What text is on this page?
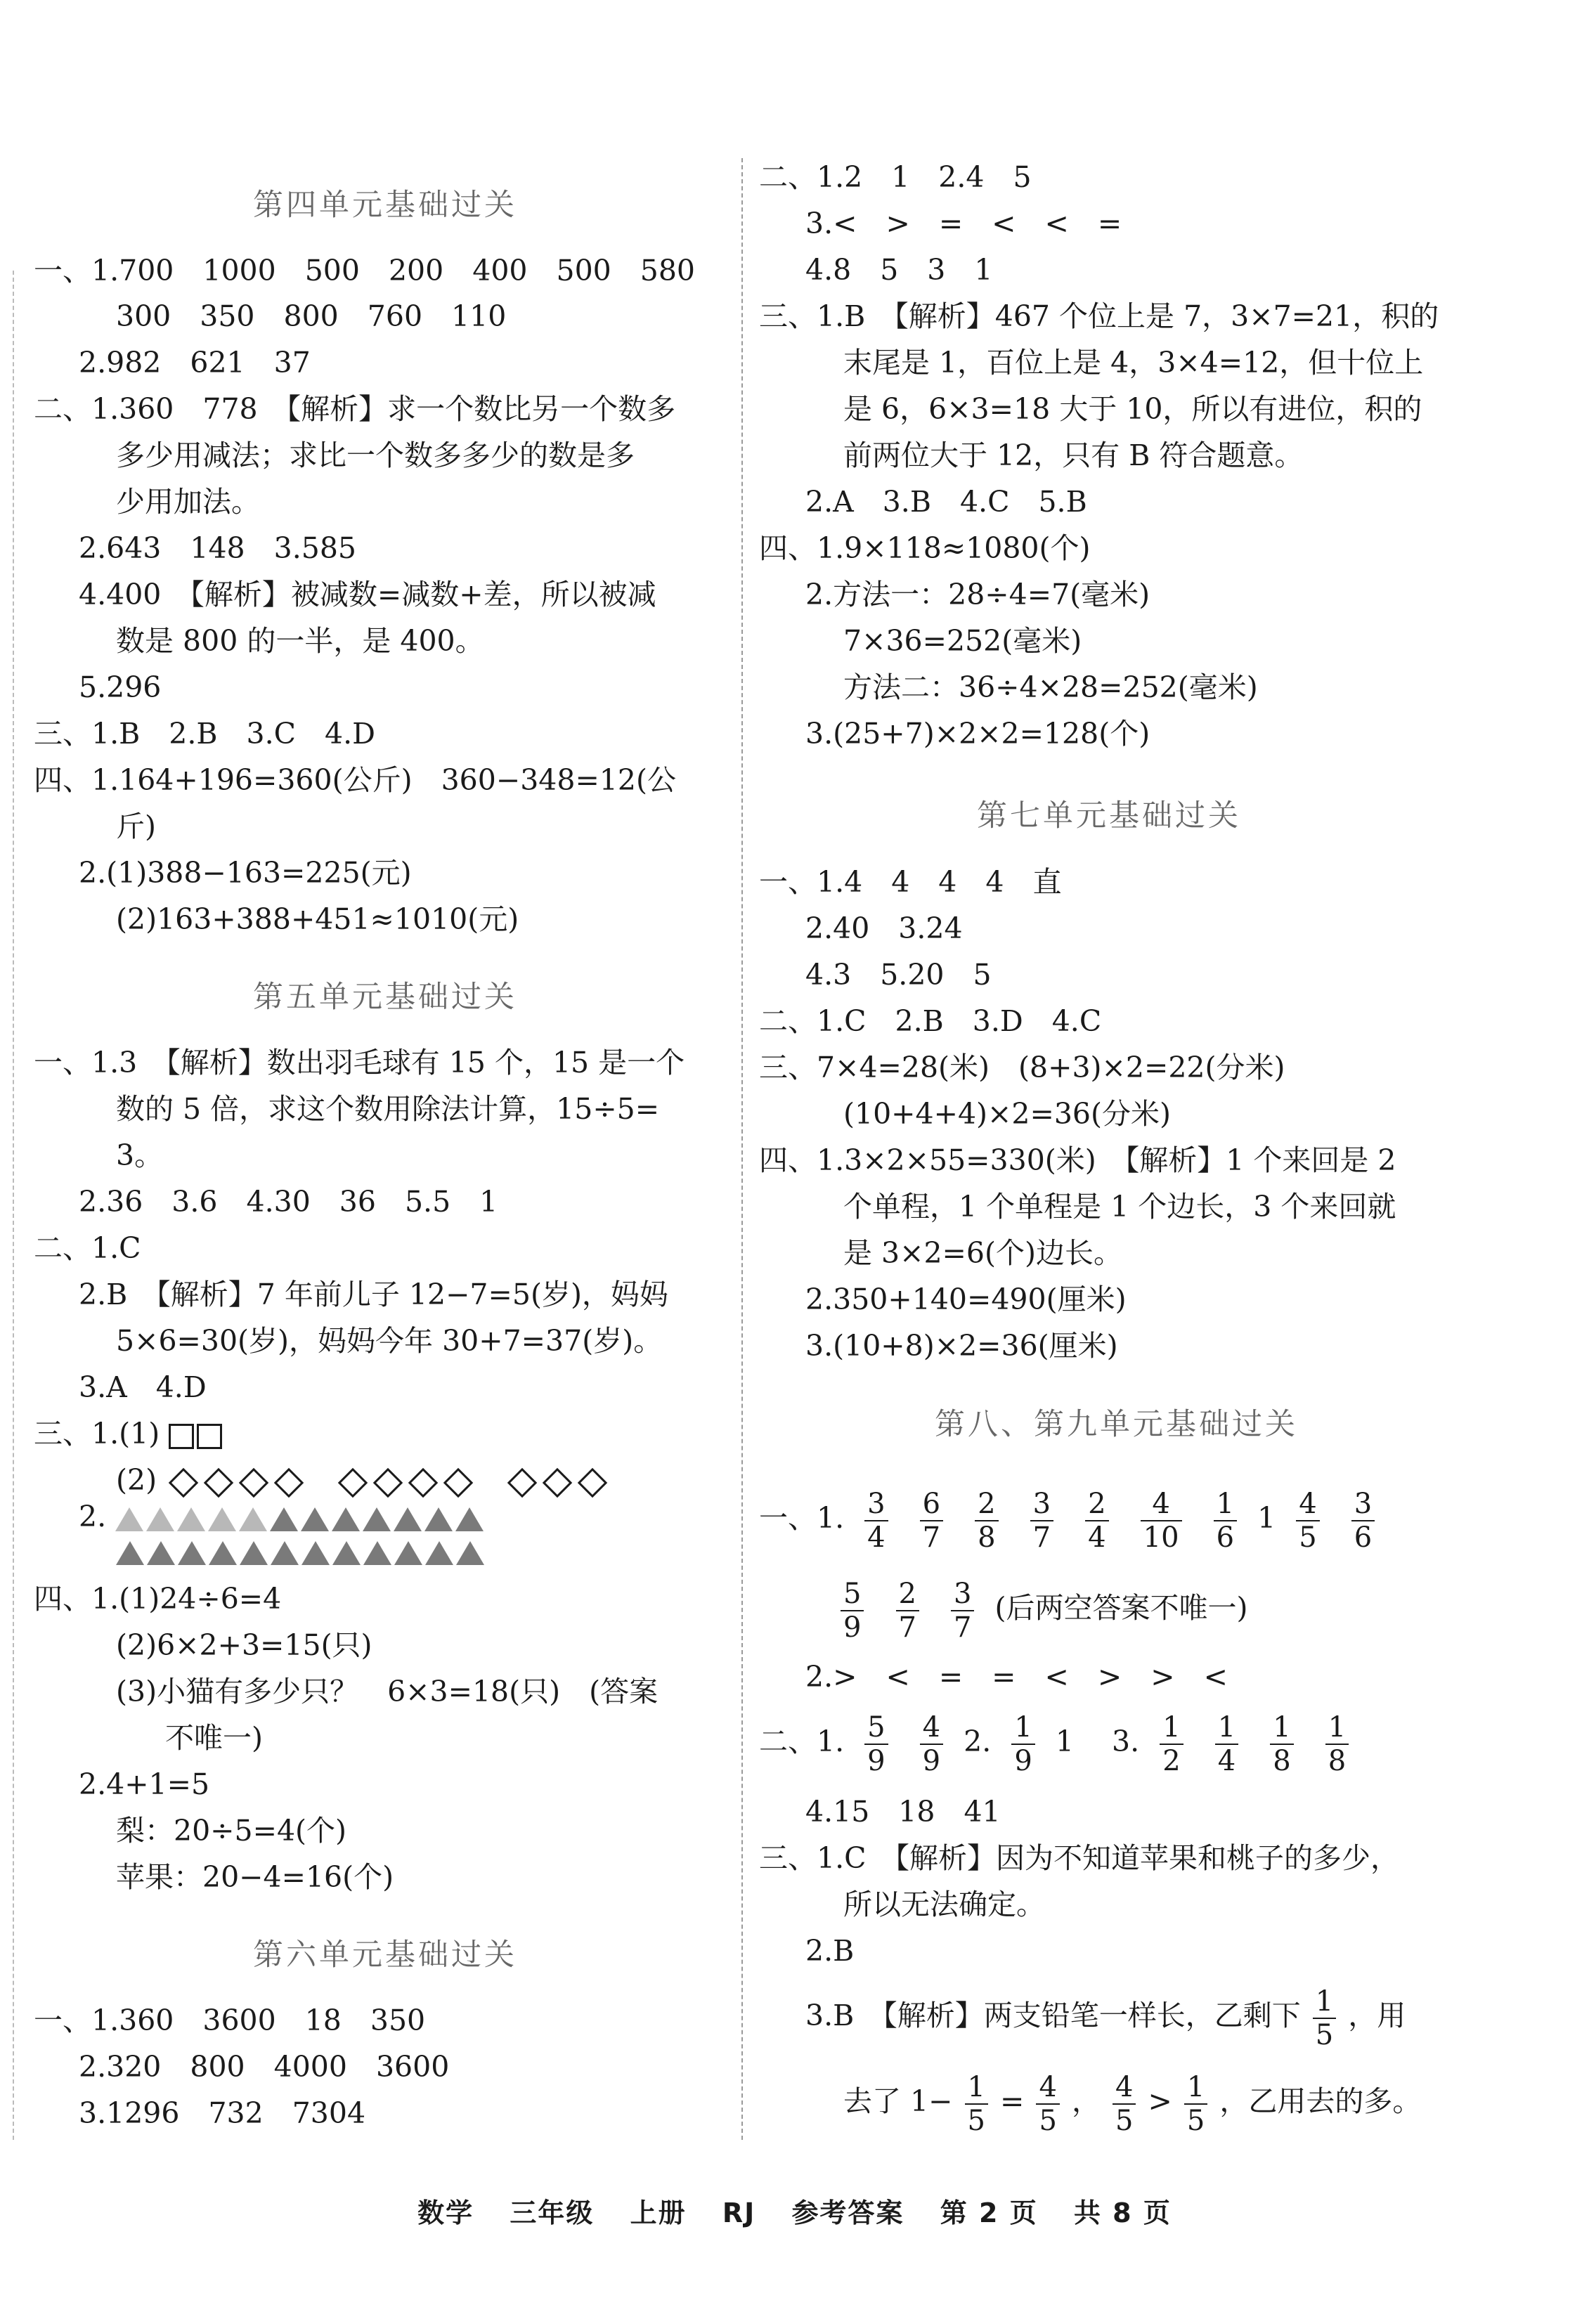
第四单元基础过关
一、1.700　1000　500　200　400　500　580
300　350　800　760　110
2.982　621　37
二、1.360　778　【解析】求一个数比另一个数多
多少用减法；求比一个数多多少的数是多
少用加法。
2.643　148　3.585
4.400　【解析】被减数=减数+差，所以被减
数是 800 的一半，是 400。
5.296
三、1.B　2.B　3.C　4.D
四、1.164+196=360(公斤)　360−348=12(公
斤)
2.(1)388−163=225(元)
(2)163+388+451≈1010(元)
第五单元基础过关
一、1.3　【解析】数出羽毛球有 15 个，15 是一个
数的 5 倍，求这个数用除法计算，15÷5=
3。
2.36　3.6　4.30　36　5.5　1
二、1.C
2.B　【解析】7 年前儿子 12−7=5(岁)，妈妈
5×6=30(岁)，妈妈今年 30+7=37(岁)。
3.A　4.D
三、1.(1)
(2)
2.
四、1.(1)24÷6=4
(2)6×2+3=15(只)
(3)小猫有多少只？　6×3=18(只)　(答案
不唯一)
2.4+1=5
梨：20÷5=4(个)
苹果：20−4=16(个)
第六单元基础过关
一、1.360　3600　18　350
2.320　800　4000　3600
3.1296　732　7304
二、1.2　1　2.4　5
3.<　>　=　<　<　=
4.8　5　3　1
三、1.B　【解析】467 个位上是 7，3×7=21，积的
末尾是 1，百位上是 4，3×4=12，但十位上
是 6，6×3=18 大于 10，所以有进位，积的
前两位大于 12，只有 B 符合题意。
2.A　3.B　4.C　5.B
四、1.9×118≈1080(个)
2.方法一：28÷4=7(毫米)
7×36=252(毫米)
方法二：36÷4×28=252(毫米)
3.(25+7)×2×2=128(个)
第七单元基础过关
一、1.4　4　4　4　直
2.40　3.24
4.3　5.20　5
二、1.C　2.B　3.D　4.C
三、7×4=28(米)　(8+3)×2=22(分米)
(10+4+4)×2=36(分米)
四、1.3×2×55=330(米)　【解析】1 个来回是 2
个单程，1 个单程是 1 个边长，3 个来回就
是 3×2=6(个)边长。
2.350+140=490(厘米)
3.(10+8)×2=36(厘米)
第八、第九单元基础过关
一、1. $\frac{3}{4}$
$\frac{6}{7}$
$\frac{2}{8}$
$\frac{3}{7}$
$\frac{2}{4}$
$\frac{4}{10}$
$\frac{1}{6} 1 \frac{4}{5}$
$\frac{3}{6}$
$\frac{5}{9}$
$\frac{2}{7}$
$\frac{3}{7}$ (后两空答案不唯一)
2.>　<　=　=　<　>　>　<
二、1. $\frac{5}{9}$
$\frac{4}{9} 2$. $\frac{1}{9} 1$ 3. $\frac{1}{2}$
$\frac{1}{4}$
$\frac{1}{8}$
$\frac{1}{8}$
4.15　18　41
三、1.C　【解析】因为不知道苹果和桃子的多少，
所以无法确定。
2.B
3.B　【解析】两支铅笔一样长，乙剩下 $\frac{1}{5}$ ，用
去了 $1- \frac{1}{5} = \frac{4}{5}$ ， $\frac{4}{5} > \frac{1}{5}$ ，乙用去的多。
数学 三年级 上册 RJ 参考答案 第 2 页 共 8 页
